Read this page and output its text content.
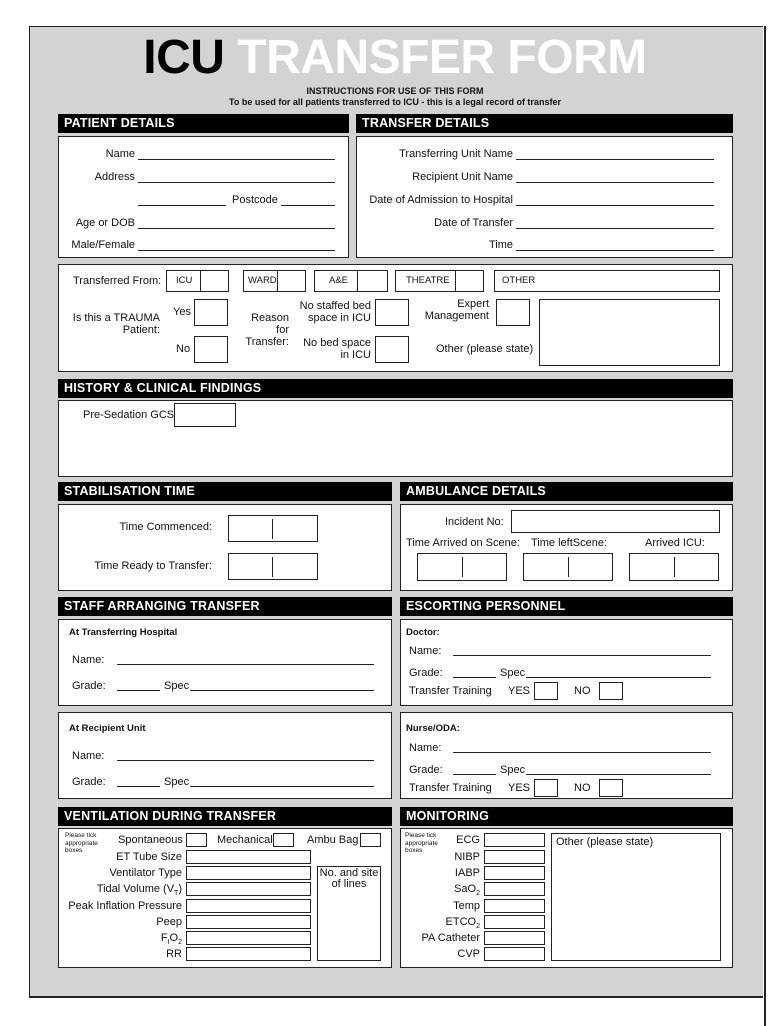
ICU TRANSFER FORM
INSTRUCTIONS FOR USE OF THIS FORM
To be used for all patients transferred to ICU - this is a legal record of transfer
PATIENT DETAILS
Name
Address
Postcode
Age or DOB
Male/Female
TRANSFER DETAILS
Transferring Unit Name
Recipient Unit Name
Date of Admission to Hospital
Date of Transfer
Time
Transferred From: ICU	WARD	A&E	THEATRE	OTHER
Is this a TRAUMA
Patient:
Yes
No
Reason for
Transfer:
No staffed bed
space in ICU
No bed space
in ICU
Expert
Management
Other (please state)
HISTORY & CLINICAL FINDINGS
Pre-Sedation GCS
STABILISATION TIME
Time Commenced:
Time Ready to Transfer:
AMBULANCE DETAILS
Incident No:
Time Arrived on Scene: Time leftScene:	Arrived ICU:
STAFF ARRANGING TRANSFER
At Transferring Hospital
Name:
Grade:	Spec
At Recipient Unit
Name:
Grade:	Spec
ESCORTING PERSONNEL
Doctor:
Name:
Grade:	Spec
Transfer Training YES	NO
Nurse/ODA:
Name:
Grade:	Spec
Transfer Training YES	NO
VENTILATION DURING TRANSFER
Please tick
appropriate
boxes
Spontaneous	Mechanical	Ambu Bag
ET Tube Size
Ventilator Type
Tidal Volume $(V_T)$
Peak Inflation Pressure
Peep
$F_IO_2$
RR
No. and site
of lines
MONITORING
Please tick
appropriate
boxes
ECG
NIBP
IABP
SaO$_2$
Temp
$ETCO_2$
PA Catheter
CVP
Other (please state)
